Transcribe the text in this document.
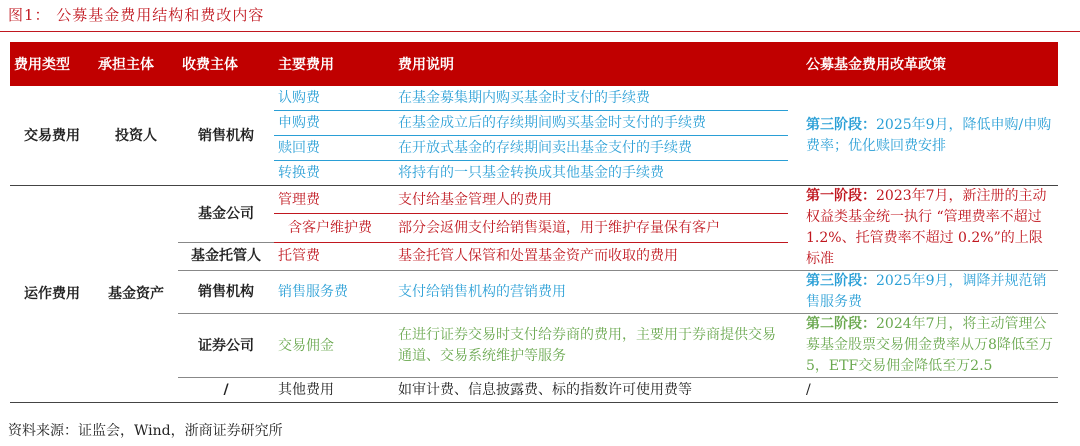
图1： 公募基金费用结构和费改内容
费用类型	承担主体	收费主体	主要费用	费用说明	公募基金费用改革政策
交易费用	投资人	销售机构	认购费	在基金募集期内购买基金时支付的手续费	第三阶段：2025年9月，降低申购/申购费率；优化赎回费安排
			申购费	在基金成立后的存续期间购买基金时支付的手续费	
			赎回费	在开放式基金的存续期间卖出基金支付的手续费	
			转换费	将持有的一只基金转换成其他基金的手续费	
运作费用	基金资产	基金公司	管理费	支付给基金管理人的费用	第一阶段：2023年7月，新注册的主动权益类基金统一执行 “管理费率不超过 1.2%、托管费率不超过 0.2%”的上限标准
			含客户维护费	部分会返佣支付给销售渠道，用于维护存量保有客户	
		基金托管人	托管费	基金托管人保管和处置基金资产而收取的费用	
		销售机构	销售服务费	支付给销售机构的营销费用	第三阶段：2025年9月，调降并规范销售服务费
		证券公司	交易佣金	在进行证券交易时支付给券商的费用，主要用于券商提供交易通道、交易系统维护等服务	第二阶段：2024年7月，将主动管理公募基金股票交易佣金费率从万8降低至万5，ETF交易佣金降低至万2.5
		/	其他费用	如审计费、信息披露费、标的指数许可使用费等	/
资料来源：证监会，Wind，浙商证券研究所
